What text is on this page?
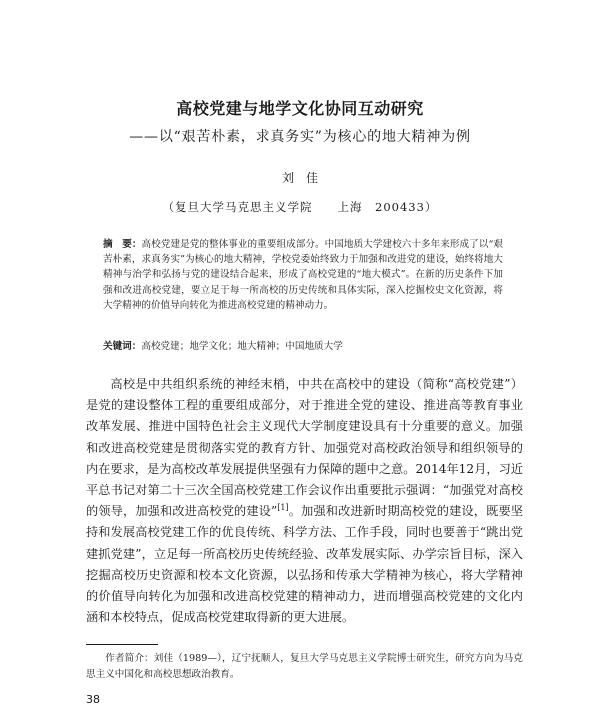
高校党建与地学文化协同互动研究
——以“艰苦朴素，求真务实”为核心的地大精神为例
刘佳
（复旦大学马克思主义学院　　上海　200433）
摘　要：高校党建是党的整体事业的重要组成部分。中国地质大学建校六十多年来形成了以“艰苦朴素，求真务实”为核心的地大精神，学校党委始终致力于加强和改进党的建设，始终将地大精神与治学和弘扬与党的建设结合起来，形成了高校党建的“地大模式”。在新的历史条件下加强和改进高校党建，要立足于每一所高校的历史传统和具体实际，深入挖掘校史文化资源，将大学精神的价值导向转化为推进高校党建的精神动力。
关键词：高校党建；地学文化；地大精神；中国地质大学
高校是中共组织系统的神经末梢，中共在高校中的建设（简称“高校党建”）是党的建设整体工程的重要组成部分，对于推进全党的建设、推进高等教育事业改革发展、推进中国特色社会主义现代大学制度建设具有十分重要的意义。加强和改进高校党建是贯彻落实党的教育方针、加强党对高校政治领导和组织领导的内在要求，是为高校改革发展提供坚强有力保障的题中之意。2014年12月，习近平总书记对第二十三次全国高校党建工作会议作出重要批示强调：“加强党对高校的领导，加强和改进高校党的建设”[1]。加强和改进新时期高校党的建设，既要坚持和发展高校党建工作的优良传统、科学方法、工作手段，同时也要善于“跳出党建抓党建”，立足每一所高校历史传统经验、改革发展实际、办学宗旨目标，深入挖掘高校历史资源和校本文化资源，以弘扬和传承大学精神为核心，将大学精神的价值导向转化为加强和改进高校党建的精神动力，进而增强高校党建的文化内涵和本校特点，促成高校党建取得新的更大进展。
作者简介：刘佳（1989—），辽宁抚顺人，复旦大学马克思主义学院博士研究生，研究方向为马克思主义中国化和高校思想政治教育。
38
